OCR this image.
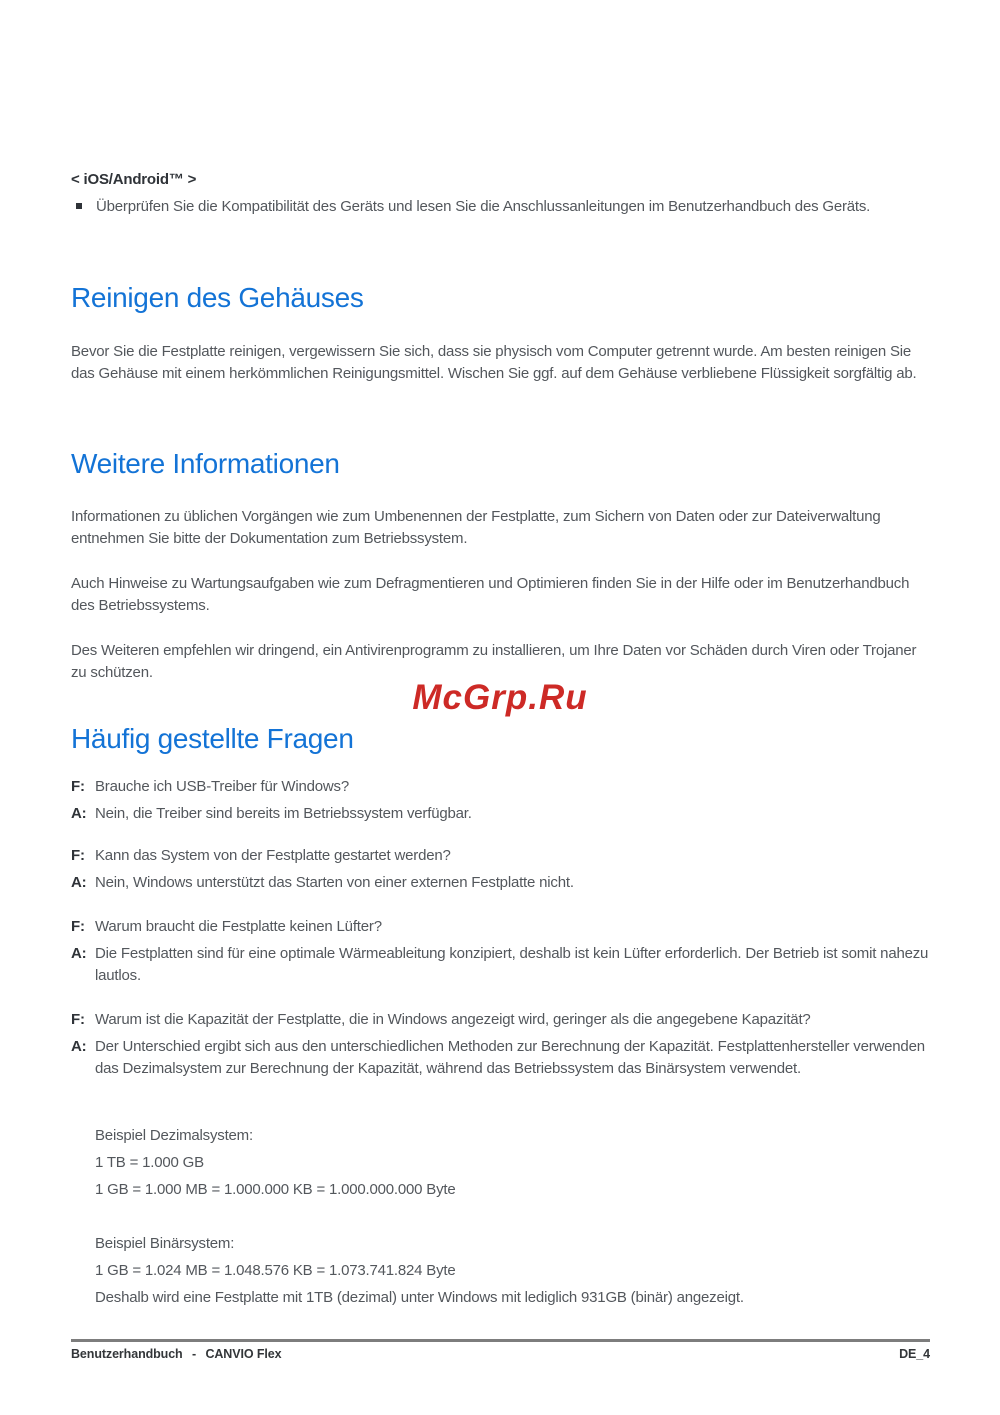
< iOS/Android™ >
Überprüfen Sie die Kompatibilität des Geräts und lesen Sie die Anschlussanleitungen im Benutzerhandbuch des Geräts.
Reinigen des Gehäuses

Bevor Sie die Festplatte reinigen, vergewissern Sie sich, dass sie physisch vom Computer getrennt wurde. Am besten reinigen Sie das Gehäuse mit einem herkömmlichen Reinigungsmittel. Wischen Sie ggf. auf dem Gehäuse verbliebene Flüssigkeit sorgfältig ab.

Weitere Informationen

Informationen zu üblichen Vorgängen wie zum Umbenennen der Festplatte, zum Sichern von Daten oder zur Dateiverwaltung entnehmen Sie bitte der Dokumentation zum Betriebssystem.

Auch Hinweise zu Wartungsaufgaben wie zum Defragmentieren und Optimieren finden Sie in der Hilfe oder im Benutzerhandbuch des Betriebssystems.

Des Weiteren empfehlen wir dringend, ein Antivirenprogramm zu installieren, um Ihre Daten vor Schäden durch Viren oder Trojaner zu schützen.

McGrp.Ru
Häufig gestellte Fragen
F: Brauche ich USB-Treiber für Windows?
A: Nein, die Treiber sind bereits im Betriebssystem verfügbar.
F: Kann das System von der Festplatte gestartet werden?
A: Nein, Windows unterstützt das Starten von einer externen Festplatte nicht.
F: Warum braucht die Festplatte keinen Lüfter?
A: Die Festplatten sind für eine optimale Wärmeableitung konzipiert, deshalb ist kein Lüfter erforderlich. Der Betrieb ist somit nahezu lautlos.
F: Warum ist die Kapazität der Festplatte, die in Windows angezeigt wird, geringer als die angegebene Kapazität?
A: Der Unterschied ergibt sich aus den unterschiedlichen Methoden zur Berechnung der Kapazität. Festplattenhersteller verwenden das Dezimalsystem zur Berechnung der Kapazität, während das Betriebssystem das Binärsystem verwendet.
Beispiel Dezimalsystem:
1 TB = 1.000 GB
1 GB = 1.000 MB = 1.000.000 KB = 1.000.000.000 Byte
Beispiel Binärsystem:
1 GB = 1.024 MB = 1.048.576 KB = 1.073.741.824 Byte
Deshalb wird eine Festplatte mit 1TB (dezimal) unter Windows mit lediglich 931GB (binär) angezeigt.
Benutzerhandbuch - CANVIO Flex	DE_4
